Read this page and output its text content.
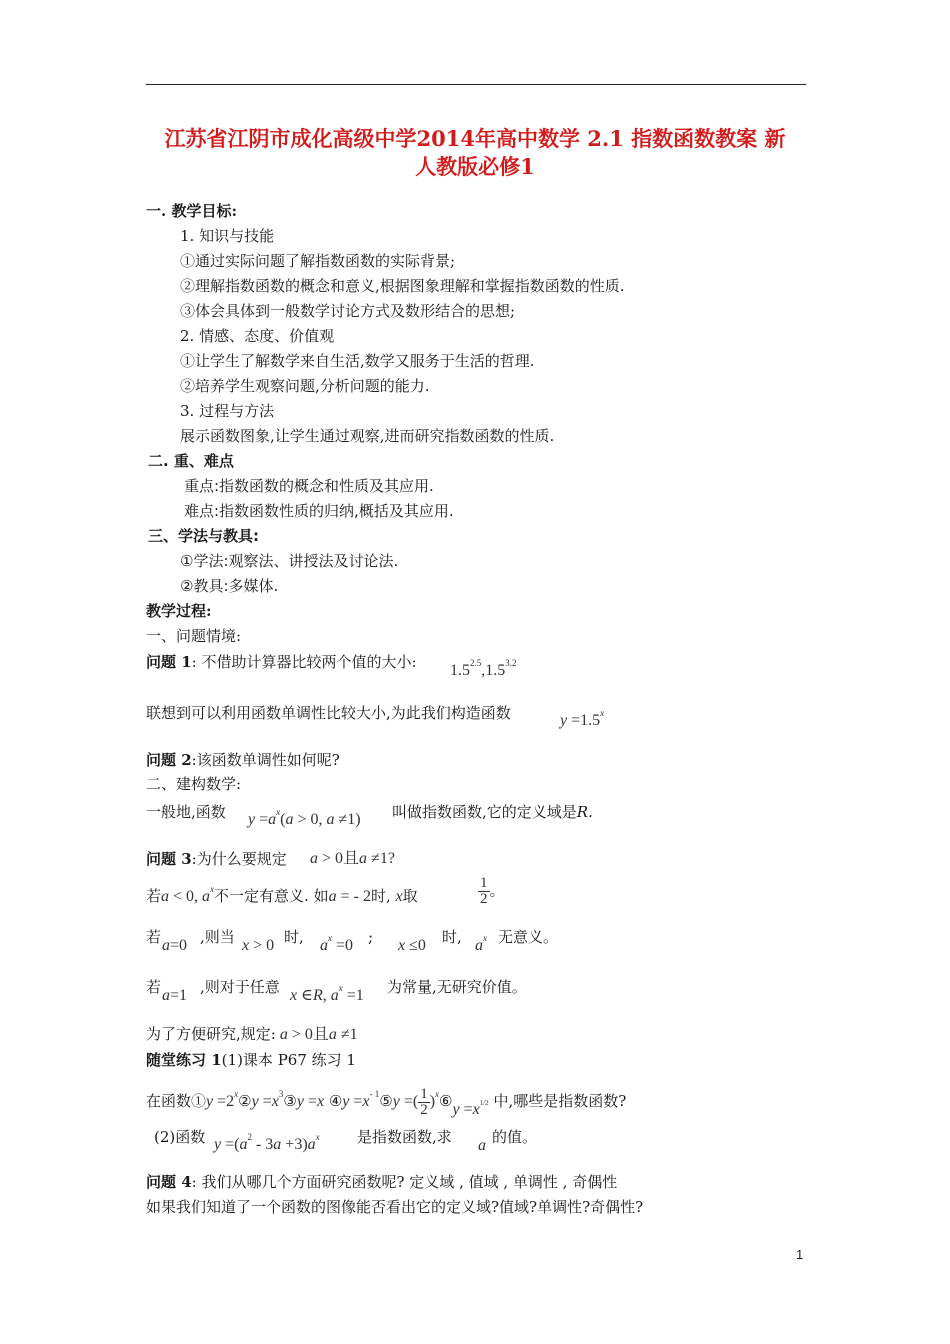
江苏省江阴市成化高级中学2014年高中数学 2.1 指数函数教案 新
人教版必修1
一. 教学目标:
1. 知识与技能
①通过实际问题了解指数函数的实际背景;
②理解指数函数的概念和意义,根据图象理解和掌握指数函数的性质.
③体会具体到一般数学讨论方式及数形结合的思想;
2. 情感、态度、价值观
①让学生了解数学来自生活,数学又服务于生活的哲理.
②培养学生观察问题,分析问题的能力.
3. 过程与方法
展示函数图象,让学生通过观察,进而研究指数函数的性质.
二. 重、难点
重点:指数函数的概念和性质及其应用.
难点:指数函数性质的归纳,概括及其应用.
三、学法与教具:
①学法:观察法、讲授法及讨论法.
②教具:多媒体.
教学过程:
一、问题情境:
问题 1: 不借助计算器比较两个值的大小: $1.5^{2.5},1.5^{3.2}$
联想到可以利用函数单调性比较大小,为此我们构造函数	$y =1.5^x$
问题 2:该函数单调性如何呢?
二、建构数学:
一般地,函数 $y =a^x(a > 0$, a ≠1) 叫做指数函数,它的定义域是R.
问题 3:为什么要规定 a > 0且a ≠1?
若a < 0, $a^x$不一定有意义. 如a = - 2时, x取	$\frac{1}{2}$ 。
若 a=0 ,则当 x > 0 时, $a^x =0$ ; x ≤0 时, $a^x$ 无意义。
若 a=1 ,则对于任意 x ∈R, $a^x =1$ 为常量,无研究价值。
为了方便研究,规定: a > 0且a ≠1
随堂练习 1(1)课本 P67 练习 1
在函数①y $=2^x②y$ $=x^3③y =x$ ④y $=x^{- 1}⑤y$ =( $\frac{1}{2}$ )$^x$⑥y $=x^{1/2}$ 中,哪些是指数函数?
(2)函数 $y =(a^2 - 3a +3)a^x$ 是指数函数,求 a 的值。
问题 4: 我们从哪几个方面研究函数呢? 定义域 , 值域 , 单调性 , 奇偶性
如果我们知道了一个函数的图像能否看出它的定义域?值域?单调性?奇偶性?
1
